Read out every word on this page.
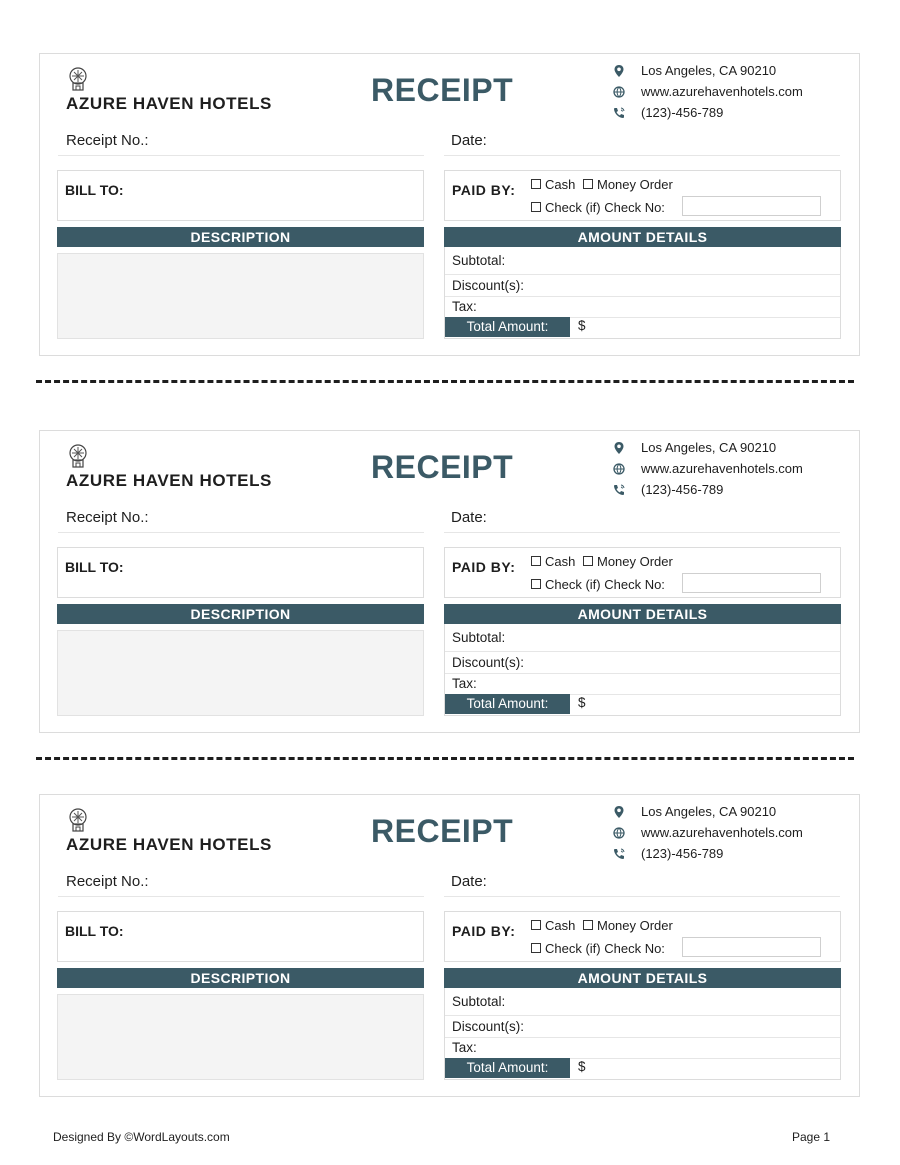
AZURE HAVEN HOTELS	RECEIPT
Los Angeles, CA 90210
www.azurehavenhotels.com
(123)-456-789
Receipt No.:	Date:
BILL TO:	PAID BY:	Cash Money Order
Check (if) Check No:
DESCRIPTION	AMOUNT DETAILS
Subtotal:
Discount(s):
Tax:
Total Amount:	$
AZURE HAVEN HOTELS	RECEIPT
Los Angeles, CA 90210
www.azurehavenhotels.com
(123)-456-789
Receipt No.:	Date:
BILL TO:	PAID BY:	Cash Money Order
Check (if) Check No:
DESCRIPTION	AMOUNT DETAILS
Subtotal:
Discount(s):
Tax:
Total Amount:	$
AZURE HAVEN HOTELS	RECEIPT
Los Angeles, CA 90210
www.azurehavenhotels.com
(123)-456-789
Receipt No.:	Date:
BILL TO:	PAID BY:	Cash Money Order
Check (if) Check No:
DESCRIPTION	AMOUNT DETAILS
Subtotal:
Discount(s):
Tax:
Total Amount:	$
Designed By ©WordLayouts.com	Page 1
